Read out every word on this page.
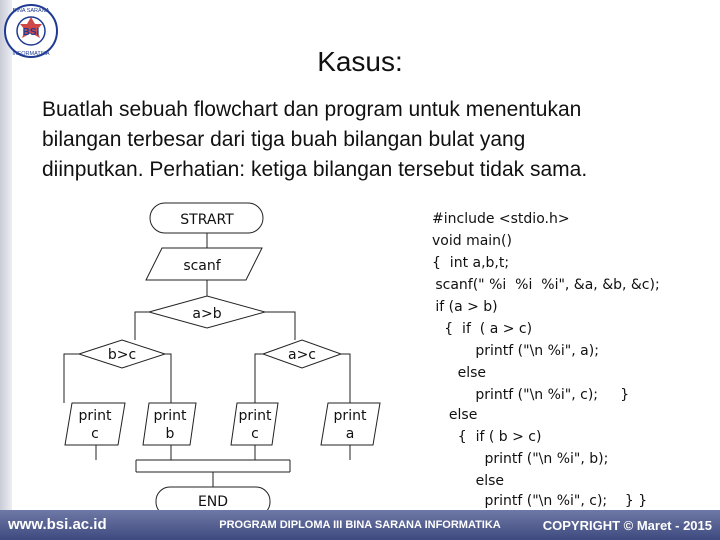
BSI
BINA SARANA
INFORMATIKA	Kasus:
Buatlah sebuah flowchart dan program untuk menentukan
bilangan terbesar dari tiga buah bilangan bulat yang
diinputkan. Perhatian: ketiga bilangan tersebut tidak sama.
STRART
scanf
a>b
b>c	a>c
print
c
print
b
print
c
print
a
END
#include <stdio.h>
void main()
{  int a,b,t;
scanf(" %i  %i  %i", &a, &b, &c);
if (a > b)
{  if  ( a > c)
printf ("\n %i", a);
else
printf ("\n %i", c);     }
else
{  if ( b > c)
printf ("\n %i", b);
else
printf ("\n %i", c);    } }
www.bsi.ac.id	PROGRAM DIPLOMA III BINA SARANA INFORMATIKA	COPYRIGHT © Maret - 2015
